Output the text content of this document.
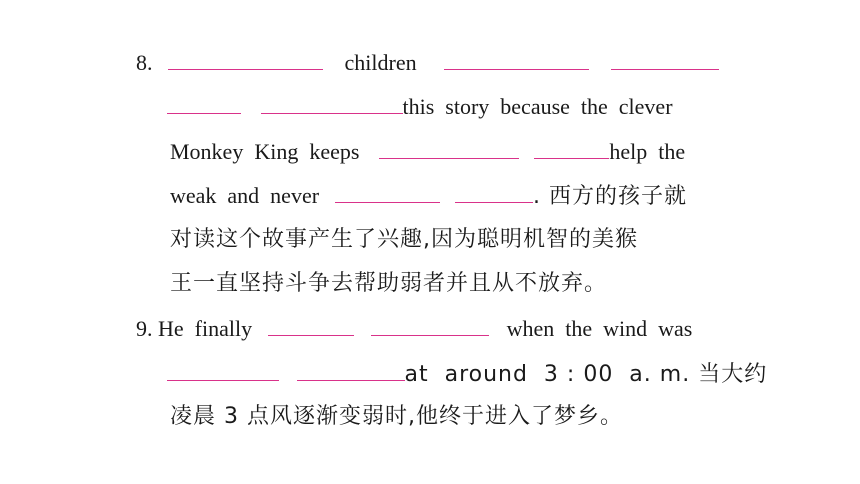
8.	children
this  story  because  the  clever
Monkey  King  keeps	help  the
weak  and  never	. 西方的孩子就
对读这个故事产生了兴趣,因为聪明机智的美猴
王一直坚持斗争去帮助弱者并且从不放弃。
9. He  finally	when  the  wind  was
at  around  3 : 00  a. m. 当大约
凌晨 3 点风逐渐变弱时,他终于进入了梦乡。
